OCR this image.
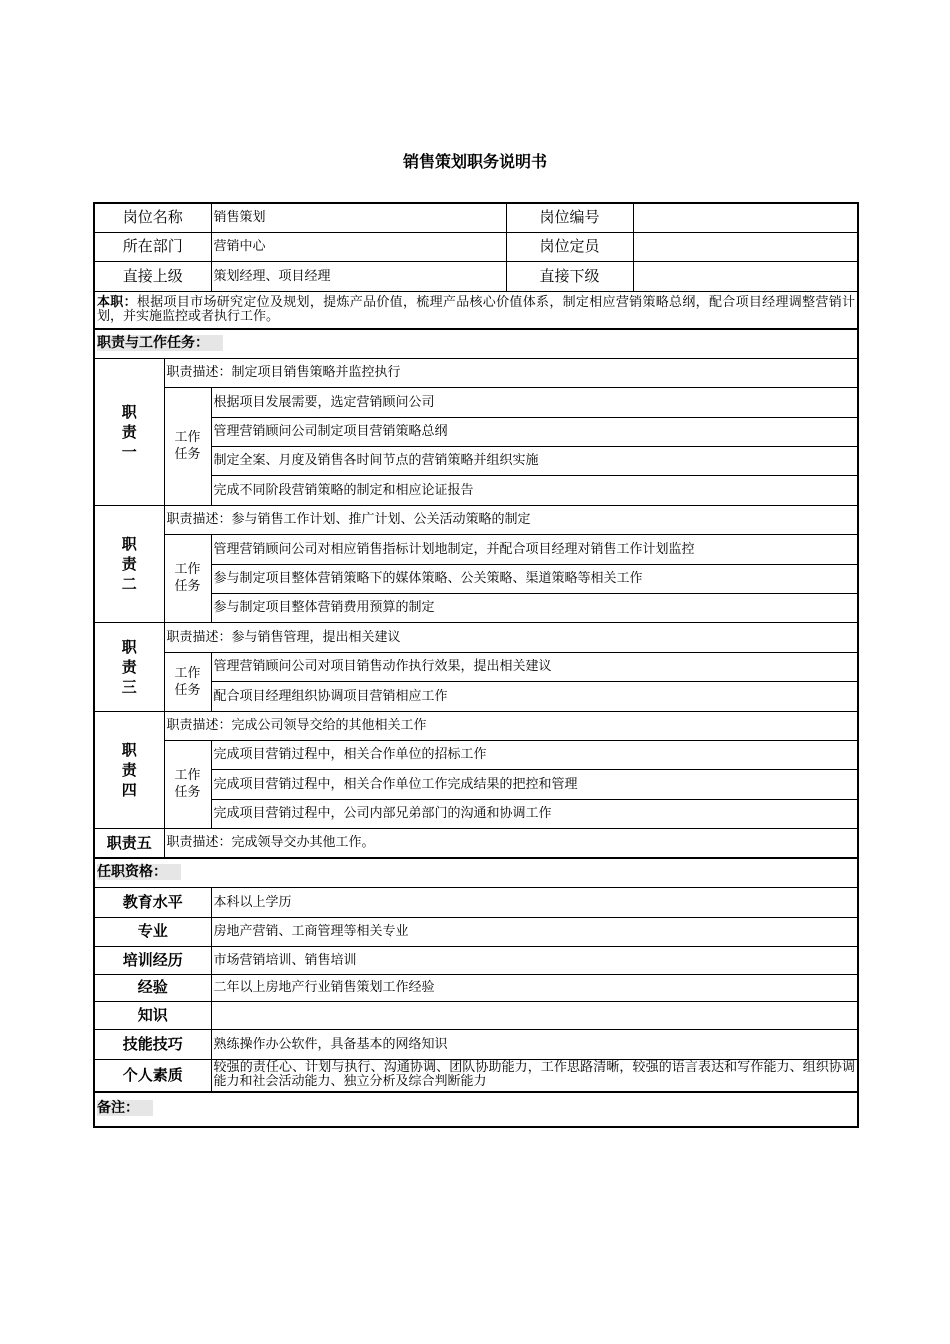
销售策划职务说明书
岗位名称		销售策划	岗位编号	
所在部门		营销中心	岗位定员	
直接上级		策划经理、项目经理	直接下级	
本职：根据项目市场研究定位及规划，提炼产品价值，梳理产品核心价值体系，制定相应营销策略总纲，配合项目经理调整营销计划，并实施监控或者执行工作。				
职责与工作任务：				

职责一	职责描述：制定项目销售策略并监控执行			

	工作任务	根据项目发展需要，选定营销顾问公司		
		管理营销顾问公司制定项目营销策略总纲		
		制定全案、月度及销售各时间节点的营销策略并组织实施		
		完成不同阶段营销策略的制定和相应论证报告		

职责二	职责描述：参与销售工作计划、推广计划、公关活动策略的制定			

	工作任务	管理营销顾问公司对相应销售指标计划地制定，并配合项目经理对销售工作计划监控		
		参与制定项目整体营销策略下的媒体策略、公关策略、渠道策略等相关工作		
		参与制定项目整体营销费用预算的制定		

职责三	职责描述：参与销售管理，提出相关建议			

	工作任务	管理营销顾问公司对项目销售动作执行效果，提出相关建议		
		配合项目经理组织协调项目营销相应工作		

职责四	职责描述：完成公司领导交给的其他相关工作			

	工作任务	完成项目营销过程中，相关合作单位的招标工作		
		完成项目营销过程中，相关合作单位工作完成结果的把控和管理		
		完成项目营销过程中，公司内部兄弟部门的沟通和协调工作		
职责五	职责描述：完成领导交办其他工作。			
任职资格：				
教育水平		本科以上学历		
专业		房地产营销、工商管理等相关专业		
培训经历		市场营销培训、销售培训		
经验		二年以上房地产行业销售策划工作经验		
知识				
技能技巧		熟练操作办公软件，具备基本的网络知识		
个人素质		较强的责任心、计划与执行、沟通协调、团队协助能力，工作思路清晰，较强的语言表达和写作能力、组织协调能力和社会活动能力、独立分析及综合判断能力		
备注：				
